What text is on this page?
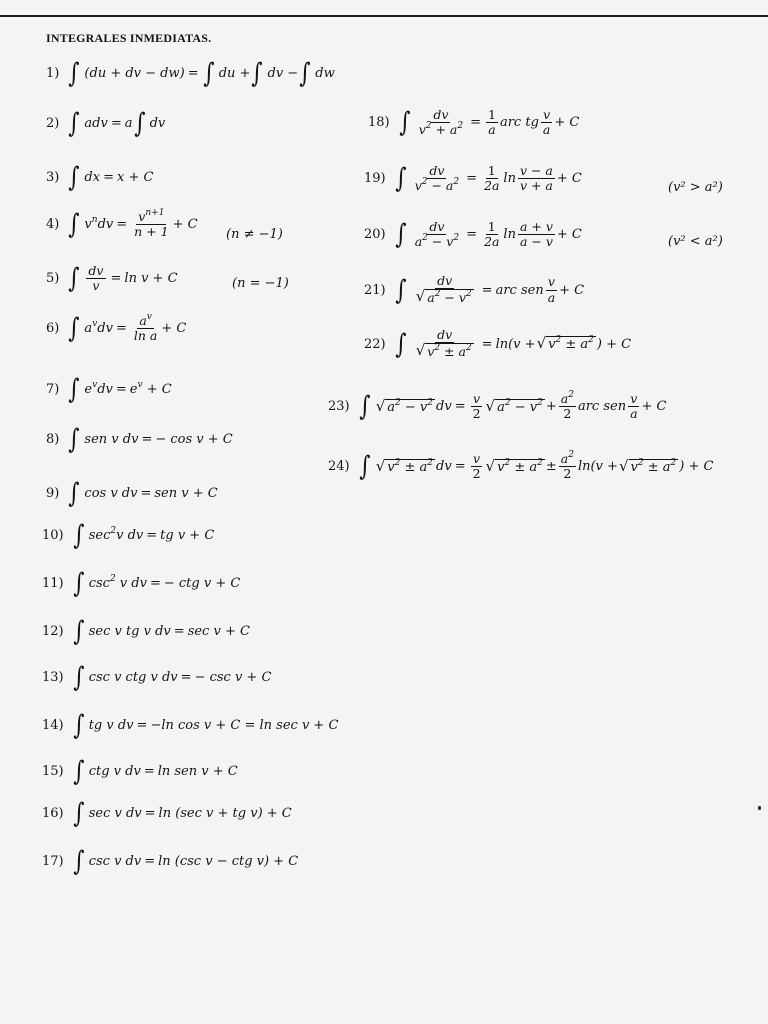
INTEGRALES INMEDIATAS.
1) ∫ (du + dv − dw) = ∫ du + ∫ dv − ∫ dw
2) ∫ adv = a ∫ dv
3) ∫ dx = x + C
4) ∫ $v^ndv = \frac{v^{n+1}}{n + 1} + C$
(n ≠ −1)
5) ∫ $\frac{dv}{v} = \ln v + C$	(n = −1)
6) ∫ $a^vdv = \frac{a^v}{\text{ln a}} + C$
7) ∫ $e^vdv = e^v + C$
8) ∫ sen v dv = − cos v + C
9) ∫ cos v dv = sen v + C
10) ∫ $\sec^2v$ dv = tg v + C
11) ∫ $\csc^2 v$ dv = − ctg v + C
12) ∫ sec v tg v dv = sec v + C
13) ∫ csc v ctg v dv = − csc v + C
14) ∫ tg v dv = −ln cos v + C = ln sec v + C
15) ∫ ctg v dv = ln sen v + C
16) ∫ sec v dv = ln (sec v + tg v) + C
17) ∫ csc v dv = ln (csc v − ctg v) + C
18) ∫ $\frac{dv}{v^2 + a^2} = \frac{1}{a}$ arc tg $\frac{v}{a} + C$
19) ∫ $\frac{dv}{v^2 - a^2} = \frac{1}{2a}$ $\ln \frac{v - a}{v + a} + C$
(v² > a²)
20) ∫ $\frac{dv}{a^2 - v^2} = \frac{1}{2a}$ $\ln \frac{a + v}{a - v} + C$	(v² < a²)
21) ∫ $\frac{dv}{√ a^2 - v^2}$ = arc sen $\frac{v}{a} + C$
22) ∫ $\frac{dv}{√ v^2 \pm a^2} = \ln(v$ + √ $v^2 \pm a^2$ ) + C
23) ∫ √ $a^2 - v^2$ dv = $\frac{v}{2}$ √ $a^2 - v^2 + \frac{a^2}{2}$ arc sen $\frac{v}{a} + C$
24) ∫ √ $v^2 \pm a^2$ dv = $\frac{v}{2}$ √ $v^2 \pm a^2 \pm \frac{a^2}{2} \ln(v$ + √ $v^2 \pm a^2$ ) + C
